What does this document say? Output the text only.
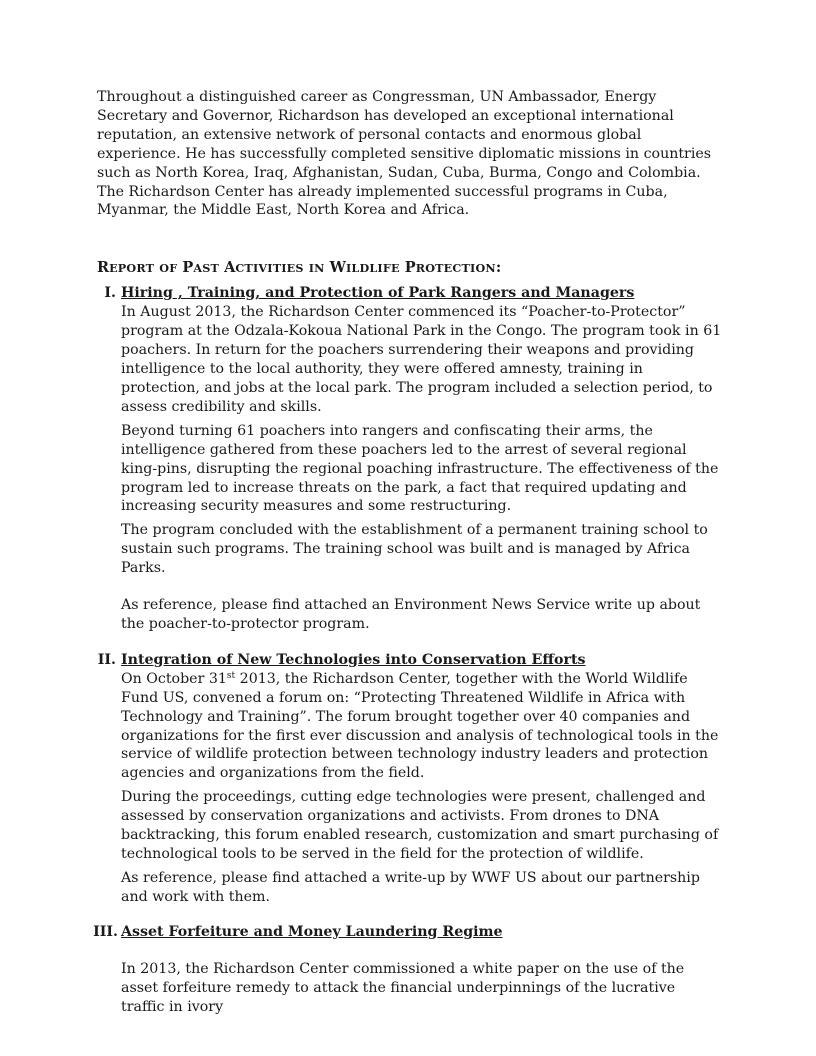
Throughout a distinguished career as Congressman, UN Ambassador, Energy Secretary and Governor, Richardson has developed an exceptional international reputation, an extensive network of personal contacts and enormous global experience. He has successfully completed sensitive diplomatic missions in countries such as North Korea, Iraq, Afghanistan, Sudan, Cuba, Burma, Congo and Colombia. The Richardson Center has already implemented successful programs in Cuba, Myanmar, the Middle East, North Korea and Africa.

REPORT OF PAST ACTIVITIES IN WILDLIFE PROTECTION:
I. Hiring , Training, and Protection of Park Rangers and Managers

In August 2013, the Richardson Center commenced its “Poacher-to-Protector” program at the Odzala-Kokoua National Park in the Congo. The program took in 61 poachers. In return for the poachers surrendering their weapons and providing intelligence to the local authority, they were offered amnesty, training in protection, and jobs at the local park. The program included a selection period, to assess credibility and skills.

Beyond turning 61 poachers into rangers and confiscating their arms, the intelligence gathered from these poachers led to the arrest of several regional king-pins, disrupting the regional poaching infrastructure. The effectiveness of the program led to increase threats on the park, a fact that required updating and increasing security measures and some restructuring.

The program concluded with the establishment of a permanent training school to sustain such programs. The training school was built and is managed by Africa Parks.

As reference, please find attached an Environment News Service write up about the poacher-to-protector program.

II. Integration of New Technologies into Conservation Efforts

On October 31st 2013, the Richardson Center, together with the World Wildlife Fund US, convened a forum on: “Protecting Threatened Wildlife in Africa with Technology and Training”. The forum brought together over 40 companies and organizations for the first ever discussion and analysis of technological tools in the service of wildlife protection between technology industry leaders and protection agencies and organizations from the field.

During the proceedings, cutting edge technologies were present, challenged and assessed by conservation organizations and activists. From drones to DNA backtracking, this forum enabled research, customization and smart purchasing of technological tools to be served in the field for the protection of wildlife.

As reference, please find attached a write-up by WWF US about our partnership and work with them.

III. Asset Forfeiture and Money Laundering Regime

In 2013, the Richardson Center commissioned a white paper on the use of the asset forfeiture remedy to attack the financial underpinnings of the lucrative traffic in ivory
